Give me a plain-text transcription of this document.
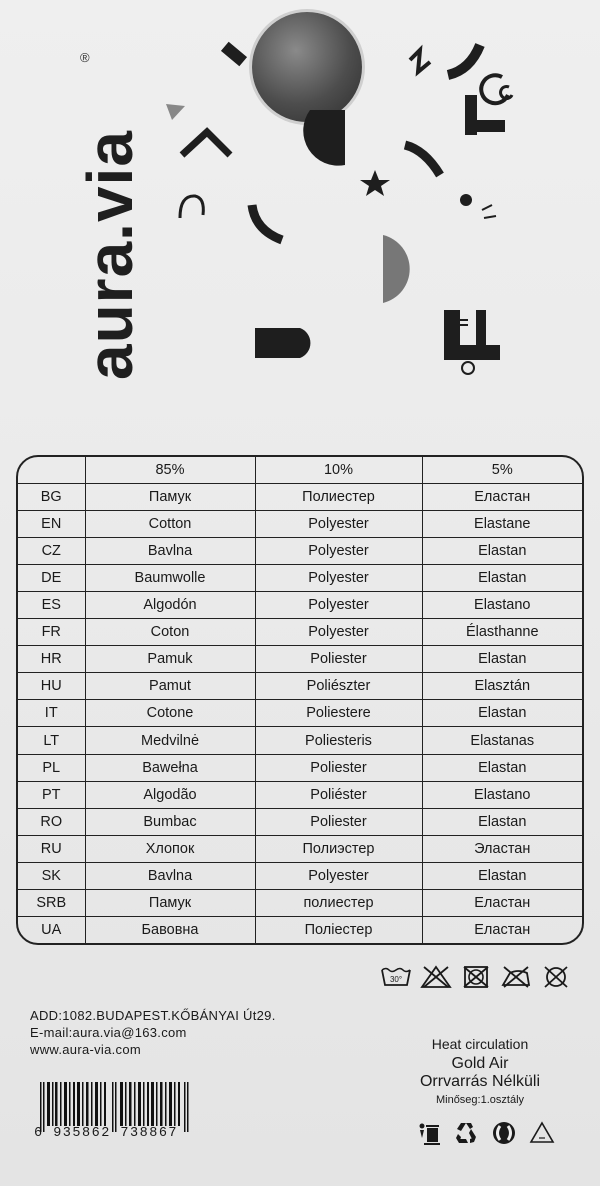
aura.via
®
	85%	10%	5%
BG	Памук	Полиестер	Еластан
EN	Cotton	Polyester	Elastane
CZ	Bavlna	Polyester	Elastan
DE	Baumwolle	Polyester	Elastan
ES	Algodón	Polyester	Elastano
FR	Coton	Polyester	Élasthanne
HR	Pamuk	Poliester	Elastan
HU	Pamut	Poliészter	Elasztán
IT	Cotone	Poliestere	Elastan
LT	Medvilnė	Poliesteris	Elastanas
PL	Bawełna	Poliester	Elastan
PT	Algodão	Poliéster	Elastano
RO	Bumbac	Poliester	Elastan
RU	Хлопок	Полиэстер	Эластан
SK	Bavlna	Polyester	Elastan
SRB	Памук	полиестер	Еластан
UA	Бавовна	Поліестер	Еластан
30°
ADD:1082.BUDAPEST.KŐBÁNYAI Út29.
E-mail:aura.via@163.com
www.aura-via.com	Heat circulation
Gold Air
Orrvarrás Nélküli
Minőseg:1.osztály
6 935862 738867
